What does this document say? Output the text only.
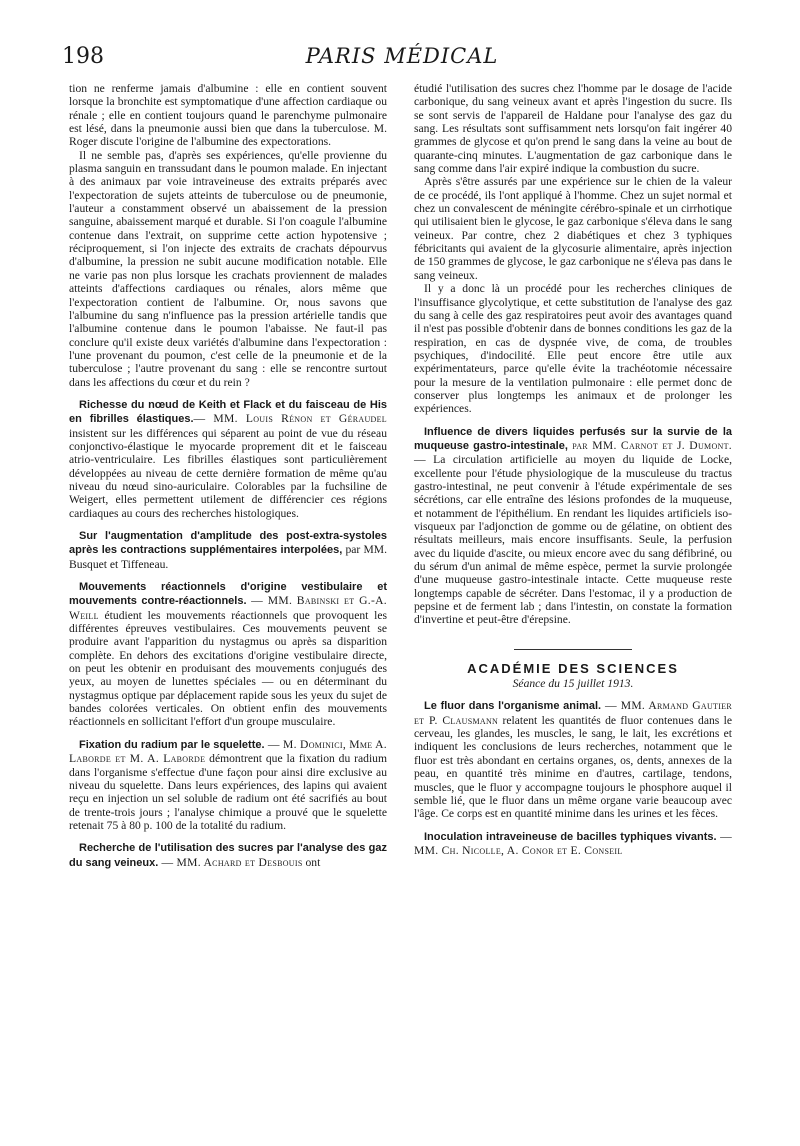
PARIS MÉDICAL
198

tion ne renferme jamais d'albumine : elle en contient souvent lorsque la bronchite est symptomatique d'une affection cardiaque ou rénale ; elle en contient toujours quand le parenchyme pulmonaire est lésé, dans la pneumonie aussi bien que dans la tuberculose. M. Roger discute l'origine de l'albumine des expectorations.

Il ne semble pas, d'après ses expériences, qu'elle provienne du plasma sanguin en transsudant dans le poumon malade. En injectant à des animaux par voie intraveineuse des extraits préparés avec l'expectoration de sujets atteints de tuberculose ou de pneumonie, l'auteur a constamment observé un abaissement de la pression sanguine, abaissement marqué et durable. Si l'on coagule l'albumine contenue dans l'extrait, on supprime cette action hypotensive ; réciproquement, si l'on injecte des extraits de crachats dépourvus d'albumine, la pression ne subit aucune modification notable. Elle ne varie pas non plus lorsque les crachats proviennent de malades atteints d'affections cardiaques ou rénales, alors même que l'expectoration contient de l'albumine. Or, nous savons que l'albumine du sang n'influence pas la pression artérielle tandis que l'albumine contenue dans le poumon l'abaisse. Ne faut-il pas conclure qu'il existe deux variétés d'albumine dans l'expectoration : l'une provenant du poumon, c'est celle de la pneumonie et de la tuberculose ; l'autre provenant du sang : elle se rencontre surtout dans les affections du cœur et du rein ?

Richesse du nœud de Keith et Flack et du faisceau de His en fibrilles élastiques.— MM. Louis Rénon et Géraudel insistent sur les différences qui séparent au point de vue du réseau conjonctivo-élastique le myocarde proprement dit et le faisceau atrio-ventriculaire. Les fibrilles élastiques sont particulièrement développées au niveau de cette dernière formation de même qu'au niveau du nœud sino-auriculaire. Colorables par la fuchsiline de Weigert, elles permettent utilement de différencier ces régions cardiaques au cours des recherches histologiques.

Sur l'augmentation d'amplitude des post-extra-systoles après les contractions supplémentaires interpolées, par MM. Busquet et Tiffeneau.

Mouvements réactionnels d'origine vestibulaire et mouvements contre-réactionnels. — MM. Babinski et G.-A. Weill étudient les mouvements réactionnels que provoquent les différentes épreuves vestibulaires. Ces mouvements peuvent se produire avant l'apparition du nystagmus ou après sa disparition complète. En dehors des excitations d'origine vestibulaire directe, on peut les obtenir en produisant des mouvements conjugués des yeux, au moyen de lunettes spéciales — ou en déterminant du nystagmus optique par déplacement rapide sous les yeux du sujet de bandes colorées verticales. On obtient enfin des mouvements réactionnels en sollicitant l'effort d'un groupe musculaire.

Fixation du radium par le squelette. — M. Dominici, Mme A. Laborde et M. A. Laborde démontrent que la fixation du radium dans l'organisme s'effectue d'une façon pour ainsi dire exclusive au niveau du squelette. Dans leurs expériences, des lapins qui avaient reçu en injection un sel soluble de radium ont été sacrifiés au bout de trente-trois jours ; l'analyse chimique a prouvé que le squelette retenait 75 à 80 p. 100 de la totalité du radium.

Recherche de l'utilisation des sucres par l'analyse des gaz du sang veineux. — MM. Achard et Desbouis ont

étudié l'utilisation des sucres chez l'homme par le dosage de l'acide carbonique, du sang veineux avant et après l'ingestion du sucre. Ils se sont servis de l'appareil de Haldane pour l'analyse des gaz du sang. Les résultats sont suffisamment nets lorsqu'on fait ingérer 40 grammes de glycose et qu'on prend le sang dans la veine au bout de quarante-cinq minutes. L'augmentation de gaz carbonique dans le sang comme dans l'air expiré indique la combustion du sucre.

Après s'être assurés par une expérience sur le chien de la valeur de ce procédé, ils l'ont appliqué à l'homme. Chez un sujet normal et chez un convalescent de méningite cérébro-spinale et un cirrhotique qui utilisaient bien le glycose, le gaz carbonique s'éleva dans le sang veineux. Par contre, chez 2 diabétiques et chez 3 typhiques fébricitants qui avaient de la glycosurie alimentaire, après injection de 150 grammes de glycose, le gaz carbonique ne s'éleva pas dans le sang veineux.

Il y a donc là un procédé pour les recherches cliniques de l'insuffisance glycolytique, et cette substitution de l'analyse des gaz du sang à celle des gaz respiratoires peut avoir des avantages quand il n'est pas possible d'obtenir dans de bonnes conditions les gaz de la respiration, en cas de dyspnée vive, de coma, de troubles psychiques, d'indocilité. Elle peut encore être utile aux expérimentateurs, parce qu'elle évite la trachéotomie nécessaire pour la mesure de la ventilation pulmonaire : elle permet donc de conserver plus longtemps les animaux et de prolonger les expériences.

Influence de divers liquides perfusés sur la survie de la muqueuse gastro-intestinale, par MM. Carnot et J. Dumont. — La circulation artificielle au moyen du liquide de Locke, excellente pour l'étude physiologique de la musculeuse du tractus gastro-intestinal, ne peut convenir à l'étude expérimentale de ses sécrétions, car elle entraîne des lésions profondes de la muqueuse, et notamment de l'épithélium. En rendant les liquides artificiels iso-visqueux par l'adjonction de gomme ou de gélatine, on obtient des résultats meilleurs, mais encore insuffisants. Seule, la perfusion avec du liquide d'ascite, ou mieux encore avec du sang défibriné, ou du sérum d'un animal de même espèce, permet la survie prolongée d'une muqueuse gastro-intestinale intacte. Cette muqueuse reste longtemps capable de sécréter. Dans l'estomac, il y a production de pepsine et de ferment lab ; dans l'intestin, on constate la formation d'invertine et peut-être d'érepsine.

ACADÉMIE DES SCIENCES
Séance du 15 juillet 1913.

Le fluor dans l'organisme animal. — MM. Armand Gautier et P. Clausmann relatent les quantités de fluor contenues dans le cerveau, les glandes, les muscles, le sang, le lait, les excrétions et indiquent les conclusions de leurs recherches, notamment que le fluor est très abondant en certains organes, os, dents, annexes de la peau, en quantité très minime en d'autres, cartilage, tendons, muscles, que le fluor y accompagne toujours le phosphore auquel il semble lié, que le fluor dans un même organe varie beaucoup avec l'âge. Ce corps est en quantité minime dans les urines et les fèces.

Inoculation intraveineuse de bacilles typhiques vivants. — MM. Ch. Nicolle, A. Conor et E. Conseil
